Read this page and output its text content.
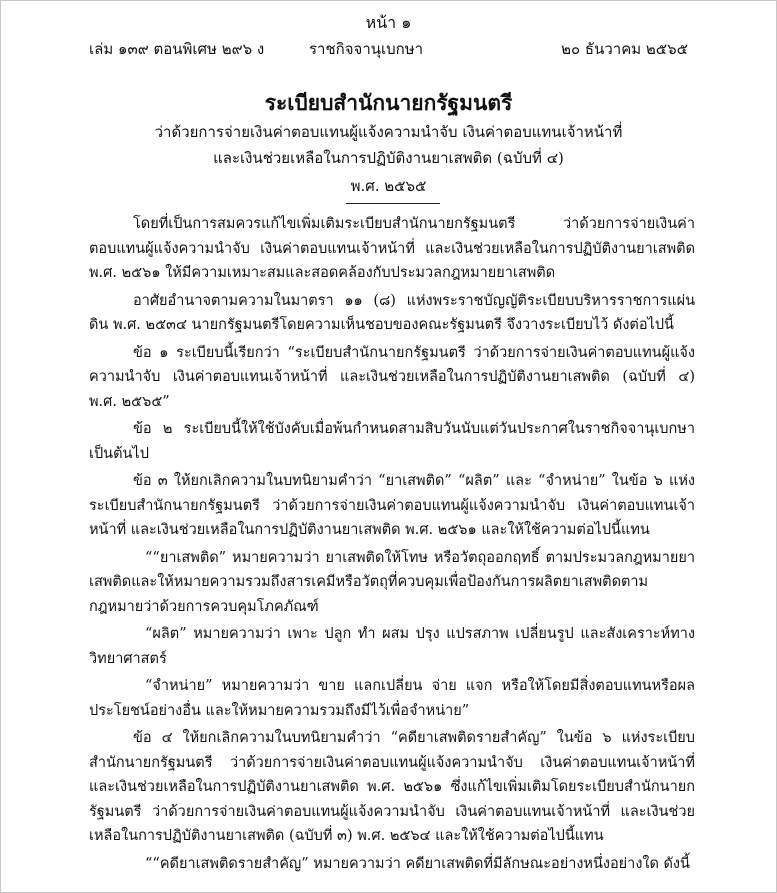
หน้า ๑
เล่ม ๑๓๙ ตอนพิเศษ ๒๙๖ ง	ราชกิจจานุเบกษา	๒๐ ธันวาคม ๒๕๖๕
ระเบียบสำนักนายกรัฐมนตรี
ว่าด้วยการจ่ายเงินค่าตอบแทนผู้แจ้งความนำจับ เงินค่าตอบแทนเจ้าหน้าที่
และเงินช่วยเหลือในการปฏิบัติงานยาเสพติด (ฉบับที่ ๔)
พ.ศ. ๒๕๖๕

โดยที่เป็นการสมควรแก้ไขเพิ่มเติมระเบียบสำนักนายกรัฐมนตรี ว่าด้วยการจ่ายเงินค่าตอบแทนผู้แจ้งความนำจับ เงินค่าตอบแทนเจ้าหน้าที่ และเงินช่วยเหลือในการปฏิบัติงานยาเสพติด พ.ศ. ๒๕๖๑ ให้มีความเหมาะสมและสอดคล้องกับประมวลกฎหมายยาเสพติด

อาศัยอำนาจตามความในมาตรา ๑๑ (๘) แห่งพระราชบัญญัติระเบียบบริหารราชการแผ่นดิน พ.ศ. ๒๕๓๔ นายกรัฐมนตรีโดยความเห็นชอบของคณะรัฐมนตรี จึงวางระเบียบไว้ ดังต่อไปนี้

ข้อ ๑ ระเบียบนี้เรียกว่า “ระเบียบสำนักนายกรัฐมนตรี ว่าด้วยการจ่ายเงินค่าตอบแทนผู้แจ้งความนำจับ เงินค่าตอบแทนเจ้าหน้าที่ และเงินช่วยเหลือในการปฏิบัติงานยาเสพติด (ฉบับที่ ๔) พ.ศ. ๒๕๖๕”

ข้อ ๒ ระเบียบนี้ให้ใช้บังคับเมื่อพ้นกำหนดสามสิบวันนับแต่วันประกาศในราชกิจจานุเบกษาเป็นต้นไป

ข้อ ๓ ให้ยกเลิกความในบทนิยามคำว่า “ยาเสพติด” “ผลิต” และ “จำหน่าย” ในข้อ ๖ แห่งระเบียบสำนักนายกรัฐมนตรี ว่าด้วยการจ่ายเงินค่าตอบแทนผู้แจ้งความนำจับ เงินค่าตอบแทนเจ้าหน้าที่ และเงินช่วยเหลือในการปฏิบัติงานยาเสพติด พ.ศ. ๒๕๖๑ และให้ใช้ความต่อไปนี้แทน

““ยาเสพติด” หมายความว่า ยาเสพติดให้โทษ หรือวัตถุออกฤทธิ์ ตามประมวลกฎหมายยาเสพติดและให้หมายความรวมถึงสารเคมีหรือวัตถุที่ควบคุมเพื่อป้องกันการผลิตยาเสพติดตามกฎหมายว่าด้วยการควบคุมโภคภัณฑ์

“ผลิต” หมายความว่า เพาะ ปลูก ทำ ผสม ปรุง แปรสภาพ เปลี่ยนรูป และสังเคราะห์ทางวิทยาศาสตร์

“จำหน่าย” หมายความว่า ขาย แลกเปลี่ยน จ่าย แจก หรือให้โดยมีสิ่งตอบแทนหรือผลประโยชน์อย่างอื่น และให้หมายความรวมถึงมีไว้เพื่อจำหน่าย”

ข้อ ๔ ให้ยกเลิกความในบทนิยามคำว่า “คดียาเสพติดรายสำคัญ” ในข้อ ๖ แห่งระเบียบสำนักนายกรัฐมนตรี ว่าด้วยการจ่ายเงินค่าตอบแทนผู้แจ้งความนำจับ เงินค่าตอบแทนเจ้าหน้าที่ และเงินช่วยเหลือในการปฏิบัติงานยาเสพติด พ.ศ. ๒๕๖๑ ซึ่งแก้ไขเพิ่มเติมโดยระเบียบสำนักนายกรัฐมนตรี ว่าด้วยการจ่ายเงินค่าตอบแทนผู้แจ้งความนำจับ เงินค่าตอบแทนเจ้าหน้าที่ และเงินช่วยเหลือในการปฏิบัติงานยาเสพติด (ฉบับที่ ๓) พ.ศ. ๒๕๖๔ และให้ใช้ความต่อไปนี้แทน

““คดียาเสพติดรายสำคัญ” หมายความว่า คดียาเสพติดที่มีลักษณะอย่างหนึ่งอย่างใด ดังนี้
